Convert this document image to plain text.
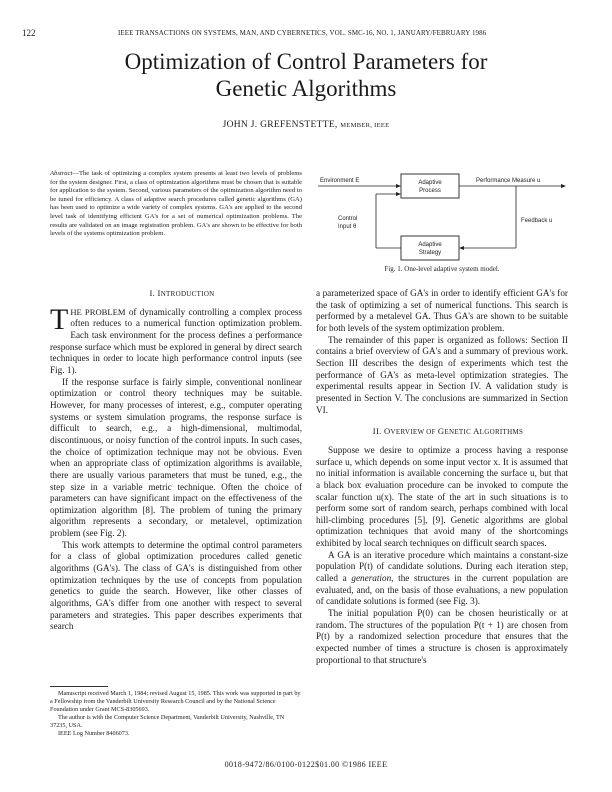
122	IEEE TRANSACTIONS ON SYSTEMS, MAN, AND CYBERNETICS, VOL. SMC-16, NO. 1, JANUARY/FEBRUARY 1986
Optimization of Control Parameters for
Genetic Algorithms
JOHN J. GREFENSTETTE, MEMBER, IEEE
Abstract—The task of optimizing a complex system presents at least two levels of problems for the system designer. First, a class of optimization algorithms must be chosen that is suitable for application to the system. Second, various parameters of the optimization algorithm need to be tuned for efficiency. A class of adaptive search procedures called genetic algorithms (GA) has been used to optimize a wide variety of complex systems. GA's are applied to the second level task of identifying efficient GA's for a set of numerical optimization problems. The results are validated on an image registration problem. GA's are shown to be effective for both levels of the systems optimization problem.
Adaptive
Process
Adaptive
Strategy
Environment E	Performance Measure u
Feedback u
Control
Input θ
Fig. 1. One-level adaptive system model.

I. INTRODUCTION

THE PROBLEM of dynamically controlling a complex process often reduces to a numerical function optimization problem. Each task environment for the process defines a performance response surface which must be explored in general by direct search techniques in order to locate high performance control inputs (see Fig. 1).

If the response surface is fairly simple, conventional nonlinear optimization or control theory techniques may be suitable. However, for many processes of interest, e.g., computer operating systems or system simulation programs, the response surface is difficult to search, e.g., a high-dimensional, multimodal, discontinuous, or noisy function of the control inputs. In such cases, the choice of optimization technique may not be obvious. Even when an appropriate class of optimization algorithms is available, there are usually various parameters that must be tuned, e.g., the step size in a variable metric technique. Often the choice of parameters can have significant impact on the effectiveness of the optimization algorithm [8]. The problem of tuning the primary algorithm represents a secondary, or metalevel, optimization problem (see Fig. 2).

This work attempts to determine the optimal control parameters for a class of global optimization procedures called genetic algorithms (GA's). The class of GA's is distinguished from other optimization techniques by the use of concepts from population genetics to guide the search. However, like other classes of algorithms, GA's differ from one another with respect to several parameters and strategies. This paper describes experiments that search

Manuscript received March 1, 1984; revised August 15, 1985. This work was supported in part by a Fellowship from the Vanderbilt University Research Council and by the National Science Foundation under Grant MCS-8305693.

The author is with the Computer Science Department, Vanderbilt University, Nashville, TN 37235, USA.

IEEE Log Number 8406073.

a parameterized space of GA's in order to identify efficient GA's for the task of optimizing a set of numerical functions. This search is performed by a metalevel GA. Thus GA's are shown to be suitable for both levels of the system optimization problem.

The remainder of this paper is organized as follows: Section II contains a brief overview of GA's and a summary of previous work. Section III describes the design of experiments which test the performance of GA's as meta-level optimization strategies. The experimental results appear in Section IV. A validation study is presented in Section V. The conclusions are summarized in Section VI.

II. OVERVIEW OF GENETIC ALGORITHMS

Suppose we desire to optimize a process having a response surface u, which depends on some input vector x. It is assumed that no initial information is available concerning the surface u, but that a black box evaluation procedure can be invoked to compute the scalar function u(x). The state of the art in such situations is to perform some sort of random search, perhaps combined with local hill-climbing procedures [5], [9]. Genetic algorithms are global optimization techniques that avoid many of the shortcomings exhibited by local search techniques on difficult search spaces.

A GA is an iterative procedure which maintains a constant-size population P(t) of candidate solutions. During each iteration step, called a generation, the structures in the current population are evaluated, and, on the basis of those evaluations, a new population of candidate solutions is formed (see Fig. 3).

The initial population P(0) can be chosen heuristically or at random. The structures of the population P(t + 1) are chosen from P(t) by a randomized selection procedure that ensures that the expected number of times a structure is chosen is approximately proportional to that structure's

0018-9472/86/0100-0122$01.00 ©1986 IEEE
